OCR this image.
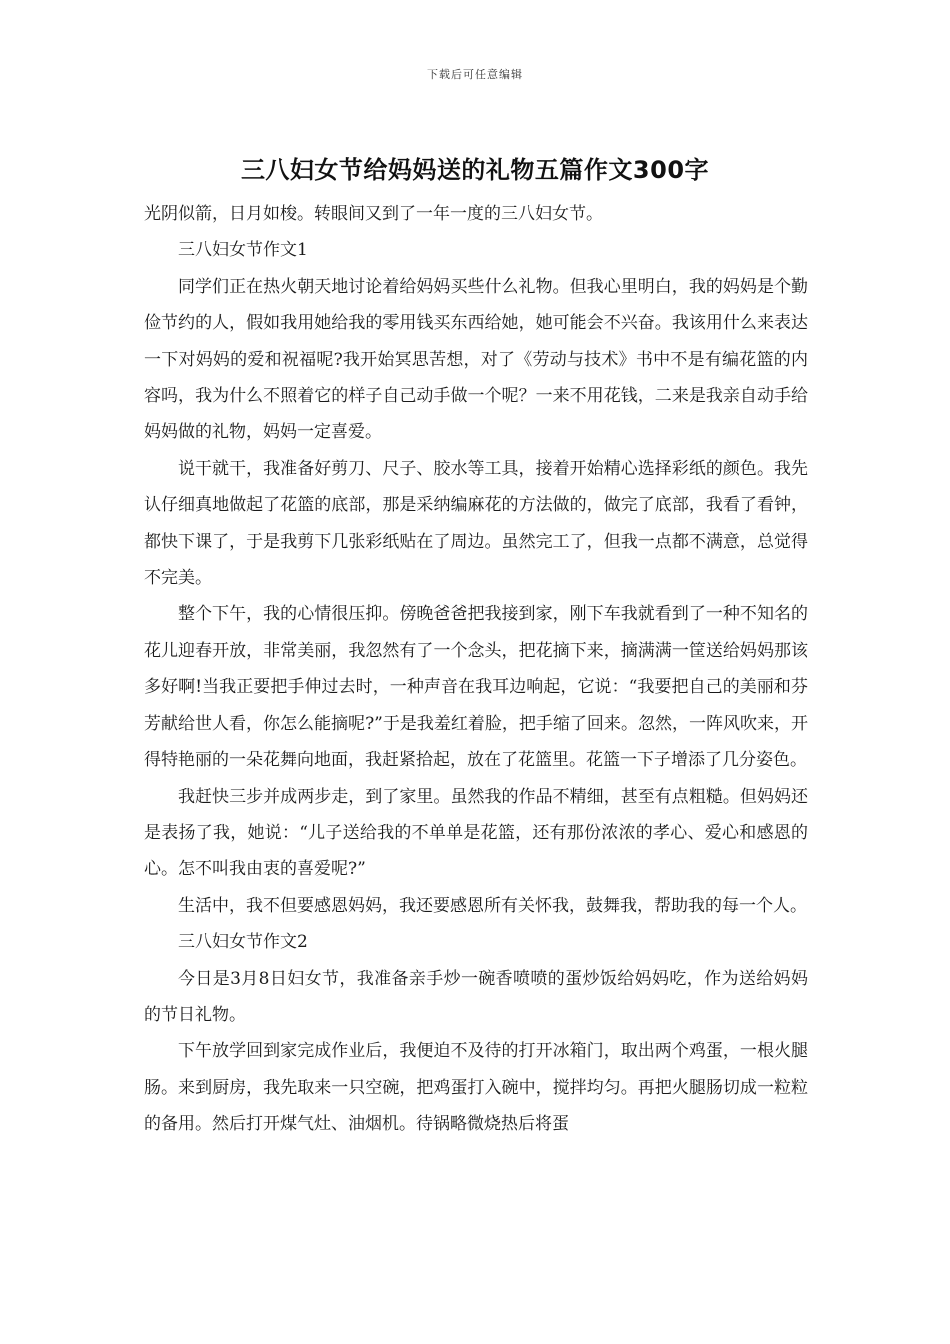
下载后可任意编辑
三八妇女节给妈妈送的礼物五篇作文300字

光阴似箭，日月如梭。转眼间又到了一年一度的三八妇女节。

三八妇女节作文1

同学们正在热火朝天地讨论着给妈妈买些什么礼物。但我心里明白，我的妈妈是个勤俭节约的人，假如我用她给我的零用钱买东西给她，她可能会不兴奋。我该用什么来表达一下对妈妈的爱和祝福呢?我开始冥思苦想，对了《劳动与技术》书中不是有编花篮的内容吗，我为什么不照着它的样子自己动手做一个呢？一来不用花钱，二来是我亲自动手给妈妈做的礼物，妈妈一定喜爱。

说干就干，我准备好剪刀、尺子、胶水等工具，接着开始精心选择彩纸的颜色。我先认仔细真地做起了花篮的底部，那是采纳编麻花的方法做的，做完了底部，我看了看钟，都快下课了，于是我剪下几张彩纸贴在了周边。虽然完工了，但我一点都不满意，总觉得不完美。

整个下午，我的心情很压抑。傍晚爸爸把我接到家，刚下车我就看到了一种不知名的花儿迎春开放，非常美丽，我忽然有了一个念头，把花摘下来，摘满满一筐送给妈妈那该多好啊!当我正要把手伸过去时，一种声音在我耳边响起，它说：“我要把自己的美丽和芬芳献给世人看，你怎么能摘呢?”于是我羞红着脸，把手缩了回来。忽然，一阵风吹来，开得特艳丽的一朵花舞向地面，我赶紧拾起，放在了花篮里。花篮一下子增添了几分姿色。

我赶快三步并成两步走，到了家里。虽然我的作品不精细，甚至有点粗糙。但妈妈还是表扬了我，她说：“儿子送给我的不单单是花篮，还有那份浓浓的孝心、爱心和感恩的心。怎不叫我由衷的喜爱呢?”

生活中，我不但要感恩妈妈，我还要感恩所有关怀我，鼓舞我，帮助我的每一个人。

三八妇女节作文2

今日是3月8日妇女节，我准备亲手炒一碗香喷喷的蛋炒饭给妈妈吃，作为送给妈妈的节日礼物。

下午放学回到家完成作业后，我便迫不及待的打开冰箱门，取出两个鸡蛋，一根火腿肠。来到厨房，我先取来一只空碗，把鸡蛋打入碗中，搅拌均匀。再把火腿肠切成一粒粒的备用。然后打开煤气灶、油烟机。待锅略微烧热后将蛋
